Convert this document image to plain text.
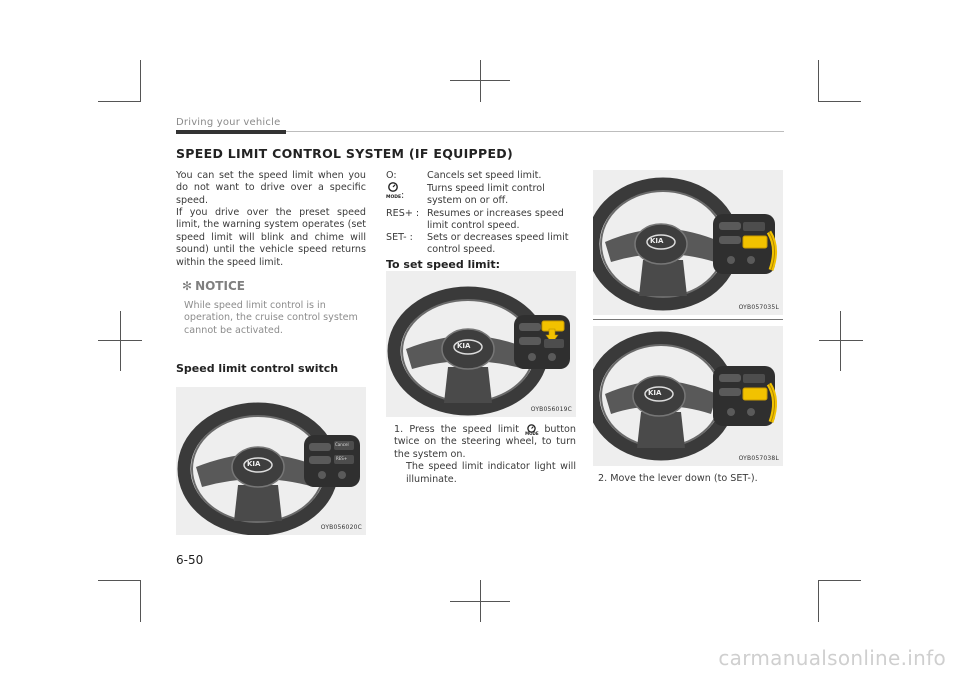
Driving your vehicle
SPEED LIMIT CONTROL SYSTEM (IF EQUIPPED)
You can set the speed limit when you do not want to drive over a specific speed.
If you drive over the preset speed limit, the warning system operates (set speed limit will blink and chime will sound) until the vehicle speed returns within the speed limit.
✻ NOTICE
While speed limit control is in operation, the cruise control system cannot be activated.
Speed limit control switch
KIA
Cancel
RES+
OYB056020C
O:	Cancels set speed limit.
MODE :
Turns speed limit control system on or off.
RES+ : Resumes or increases speed limit control speed.
SET- : Sets or decreases speed limit control speed.
To set speed limit:
KIA
OYB056019C
1. Press the speed limit MODE button twice on the steering wheel, to turn the system on.
The speed limit indicator light will illuminate.
KIA
OYB057035L
KIA
OYB057038L
2. Move the lever down (to SET-).
6-50
carmanualsonline.info
